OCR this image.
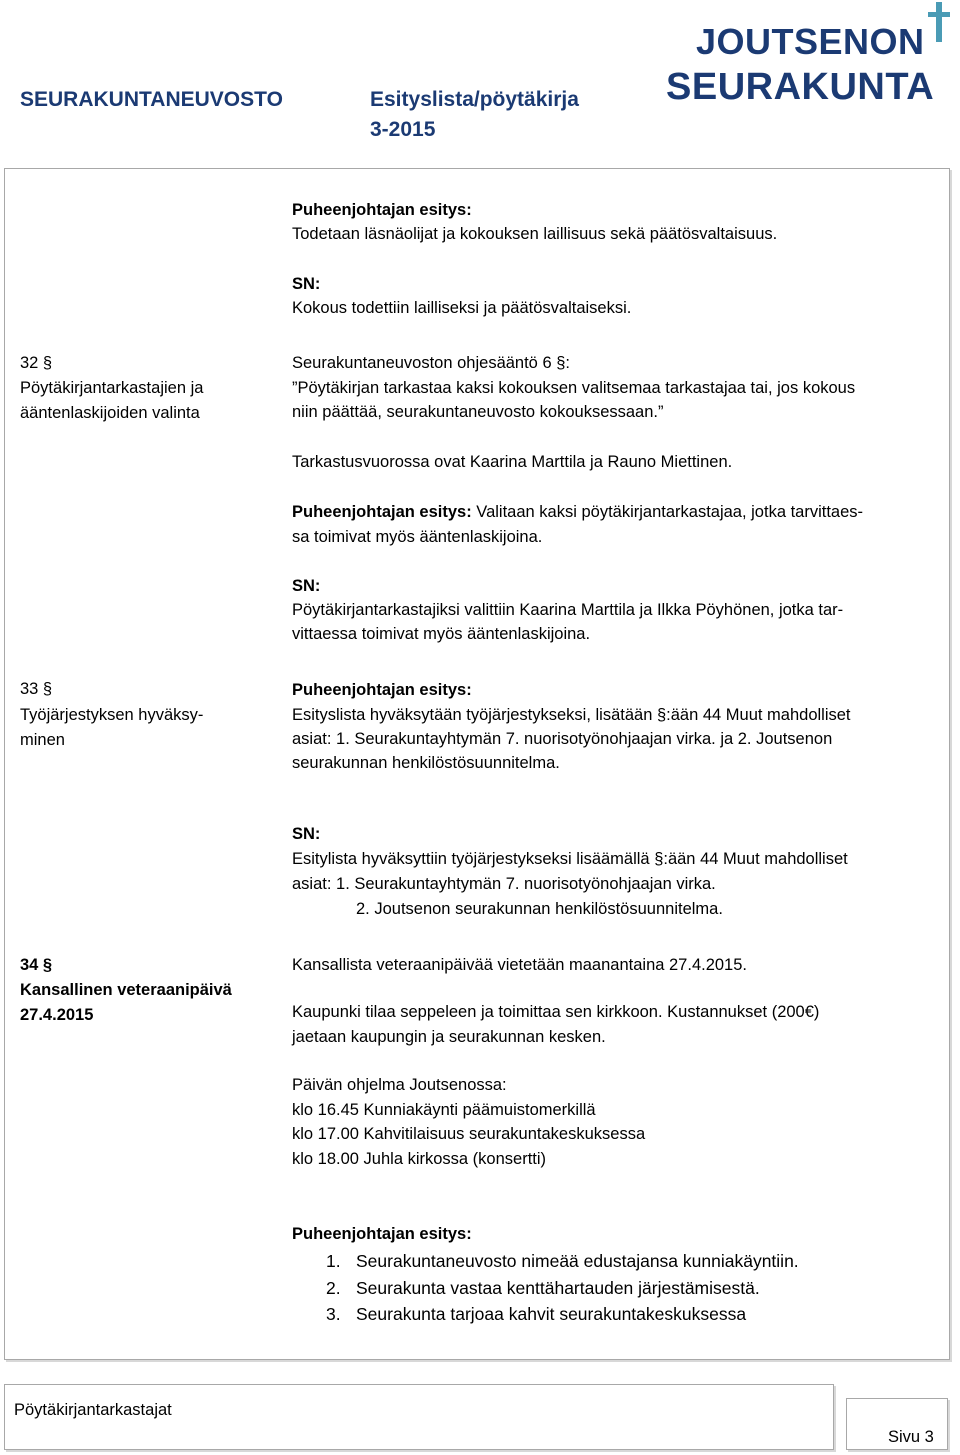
SEURAKUNTANEUVOSTO	Esityslista/pöytäkirja
3-2015
JOUTSENON
SEURAKUNTA
Puheenjohtajan esitys:
Todetaan läsnäolijat ja kokouksen laillisuus sekä päätösvaltaisuus.
SN:
Kokous todettiin lailliseksi ja päätösvaltaiseksi.
32 §
Pöytäkirjantarkastajien ja
ääntenlaskijoiden valinta
Seurakuntaneuvoston ohjesääntö 6 §:
”Pöytäkirjan tarkastaa kaksi kokouksen valitsemaa tarkastajaa tai, jos kokous
niin päättää, seurakuntaneuvosto kokouksessaan.”
Tarkastusvuorossa ovat Kaarina Marttila ja Rauno Miettinen.
Puheenjohtajan esitys: Valitaan kaksi pöytäkirjantarkastajaa, jotka tarvittaes-
sa toimivat myös ääntenlaskijoina.
SN:
Pöytäkirjantarkastajiksi valittiin Kaarina Marttila ja Ilkka Pöyhönen, jotka tar-
vittaessa toimivat myös ääntenlaskijoina.
33 §
Työjärjestyksen hyväksy-
minen
Puheenjohtajan esitys:
Esityslista hyväksytään työjärjestykseksi, lisätään §:ään 44 Muut mahdolliset
asiat: 1. Seurakuntayhtymän 7. nuorisotyönohjaajan virka. ja 2. Joutsenon
seurakunnan henkilöstösuunnitelma.
SN:
Esitylista hyväksyttiin työjärjestykseksi lisäämällä §:ään 44 Muut mahdolliset
asiat: 1. Seurakuntayhtymän 7. nuorisotyönohjaajan virka.
2. Joutsenon seurakunnan henkilöstösuunnitelma.
34 §
Kansallinen veteraanipäivä
27.4.2015
Kansallista veteraanipäivää vietetään maanantaina 27.4.2015.
Kaupunki tilaa seppeleen ja toimittaa sen kirkkoon. Kustannukset (200€)
jaetaan kaupungin ja seurakunnan kesken.
Päivän ohjelma Joutsenossa:
klo 16.45 Kunniakäynti päämuistomerkillä
klo 17.00 Kahvitilaisuus seurakuntakeskuksessa
klo 18.00 Juhla kirkossa (konsertti)
Puheenjohtajan esitys:
1. Seurakuntaneuvosto nimeää edustajansa kunniakäyntiin.
2. Seurakunta vastaa kenttähartauden järjestämisestä.
3. Seurakunta tarjoaa kahvit seurakuntakeskuksessa
Pöytäkirjantarkastajat
Sivu 3
